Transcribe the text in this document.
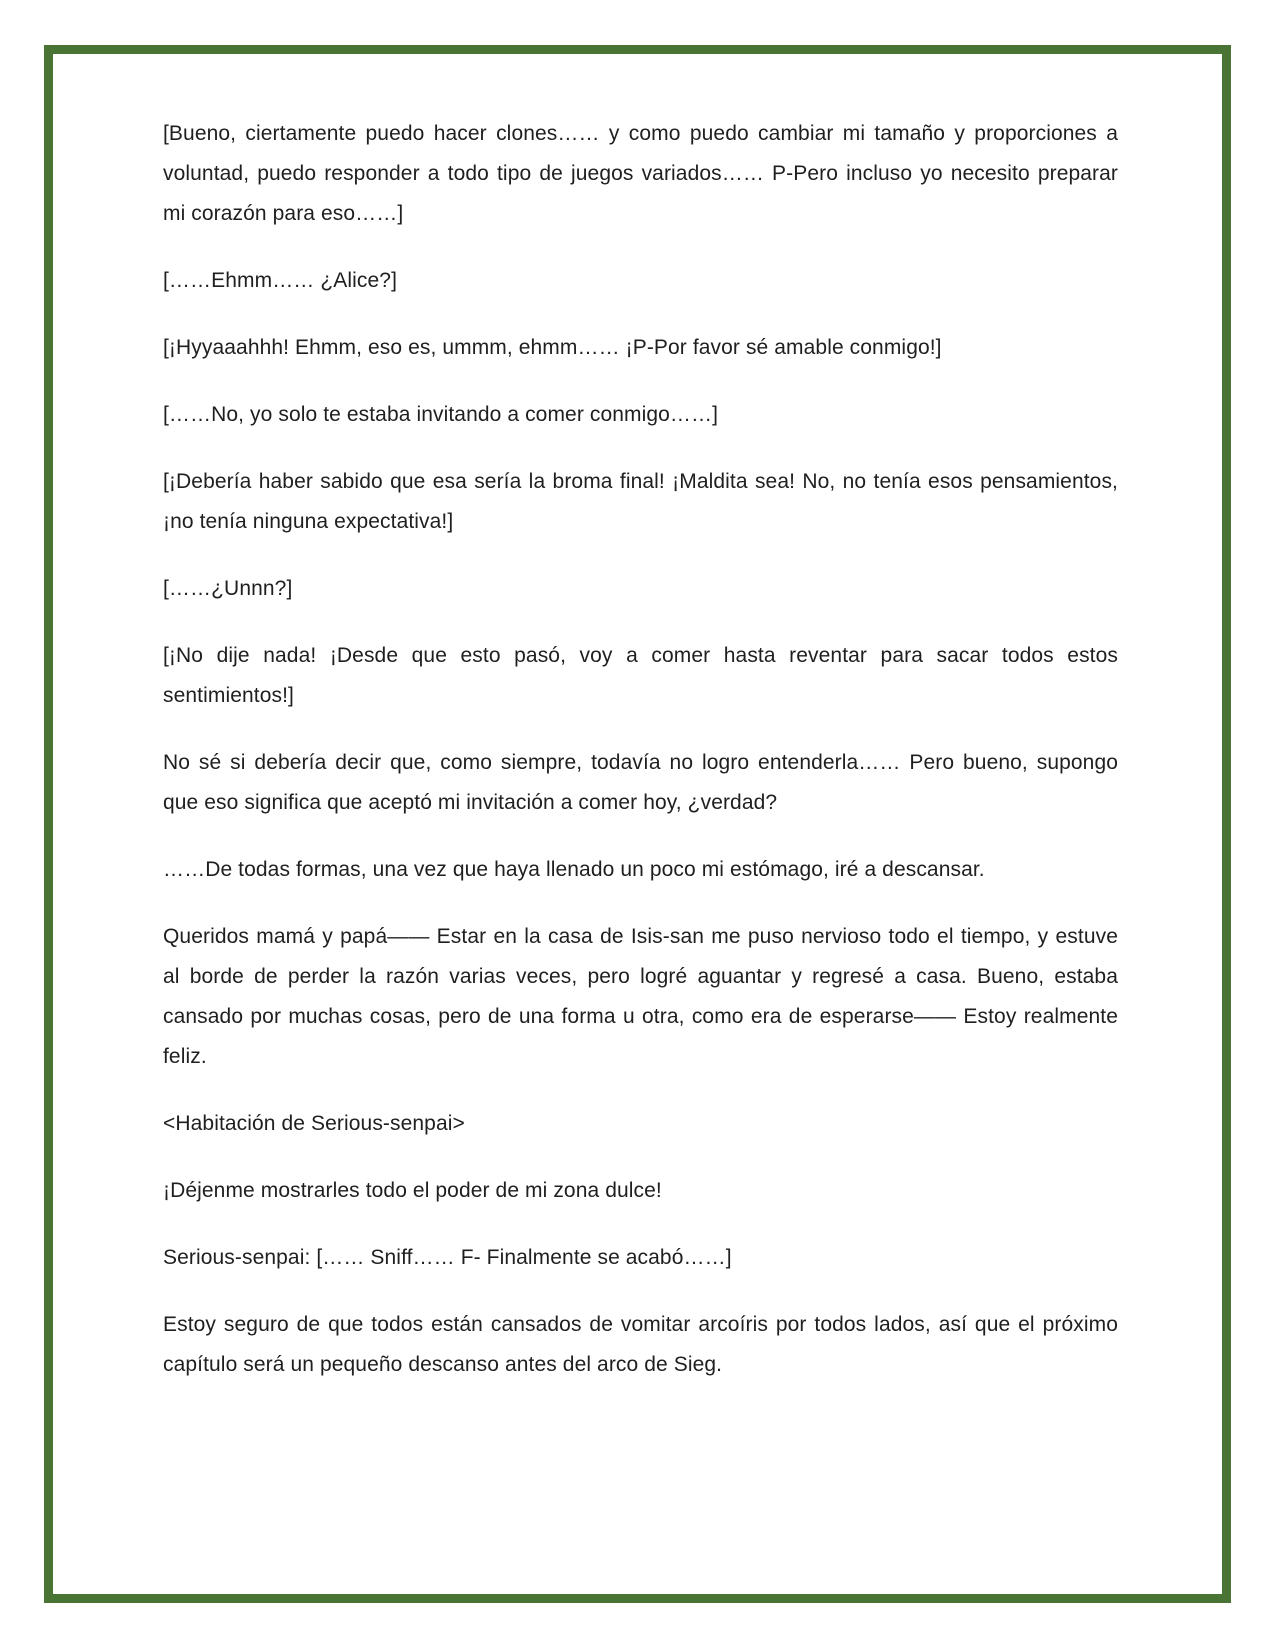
[Bueno, ciertamente puedo hacer clones…… y como puedo cambiar mi tamaño y proporciones a voluntad, puedo responder a todo tipo de juegos variados…… P-Pero incluso yo necesito preparar mi corazón para eso……]

[……Ehmm…… ¿Alice?]

[¡Hyyaaahhh! Ehmm, eso es, ummm, ehmm…… ¡P-Por favor sé amable conmigo!]

[……No, yo solo te estaba invitando a comer conmigo……]

[¡Debería haber sabido que esa sería la broma final! ¡Maldita sea! No, no tenía esos pensamientos, ¡no tenía ninguna expectativa!]

[……¿Unnn?]

[¡No dije nada! ¡Desde que esto pasó, voy a comer hasta reventar para sacar todos estos sentimientos!]

No sé si debería decir que, como siempre, todavía no logro entenderla…… Pero bueno, supongo que eso significa que aceptó mi invitación a comer hoy, ¿verdad?

……De todas formas, una vez que haya llenado un poco mi estómago, iré a descansar.

Queridos mamá y papá—— Estar en la casa de Isis-san me puso nervioso todo el tiempo, y estuve al borde de perder la razón varias veces, pero logré aguantar y regresé a casa. Bueno, estaba cansado por muchas cosas, pero de una forma u otra, como era de esperarse—— Estoy realmente feliz.

<Habitación de Serious-senpai>

¡Déjenme mostrarles todo el poder de mi zona dulce!

Serious-senpai: […… Sniff…… F- Finalmente se acabó……]

Estoy seguro de que todos están cansados de vomitar arcoíris por todos lados, así que el próximo capítulo será un pequeño descanso antes del arco de Sieg.
